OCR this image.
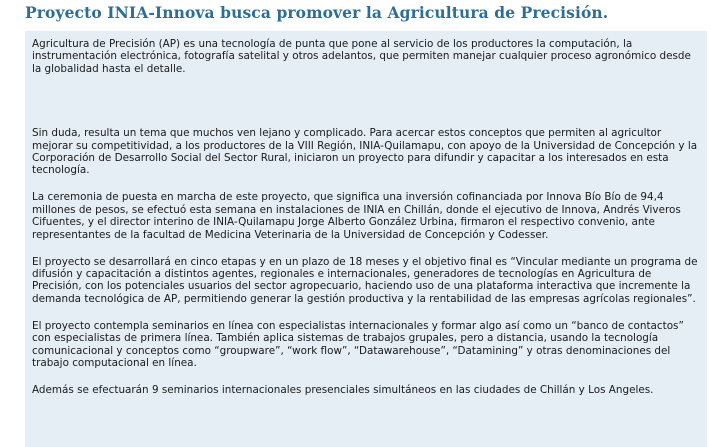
Proyecto INIA-Innova busca promover la Agricultura de Precisión.

Agricultura de Precisión (AP) es una tecnología de punta que pone al servicio de los productores la computación, la instrumentación electrónica, fotografía satelital y otros adelantos, que permiten manejar cualquier proceso agronómico desde la globalidad hasta el detalle.

Sin duda, resulta un tema que muchos ven lejano y complicado. Para acercar estos conceptos que permiten al agricultor mejorar su competitividad, a los productores de la VIII Región, INIA-Quilamapu, con apoyo de la Universidad de Concepción y la Corporación de Desarrollo Social del Sector Rural, iniciaron un proyecto para difundir y capacitar a los interesados en esta tecnología.

La ceremonia de puesta en marcha de este proyecto, que significa una inversión cofinanciada por Innova Bío Bío de 94,4 millones de pesos, se efectuó esta semana en instalaciones de INIA en Chillán, donde el ejecutivo de Innova, Andrés Viveros Cifuentes, y el director interino de INIA-Quilamapu Jorge Alberto González Urbina, firmaron el respectivo convenio, ante representantes de la facultad de Medicina Veterinaria de la Universidad de Concepción y Codesser.

El proyecto se desarrollará en cinco etapas y en un plazo de 18 meses y el objetivo final es “Vincular mediante un programa de difusión y capacitación a distintos agentes, regionales e internacionales, generadores de tecnologías en Agricultura de Precisión, con los potenciales usuarios del sector agropecuario, haciendo uso de una plataforma interactiva que incremente la demanda tecnológica de AP, permitiendo generar la gestión productiva y la rentabilidad de las empresas agrícolas regionales”.

El proyecto contempla seminarios en línea con especialistas internacionales y formar algo así como un “banco de contactos” con especialistas de primera línea. También aplica sistemas de trabajos grupales, pero a distancia, usando la tecnología comunicacional y conceptos como “groupware”, “work flow”, “Datawarehouse”, “Datamining” y otras denominaciones del trabajo computacional en línea.

Además se efectuarán 9 seminarios internacionales presenciales simultáneos en las ciudades de Chillán y Los Angeles.
